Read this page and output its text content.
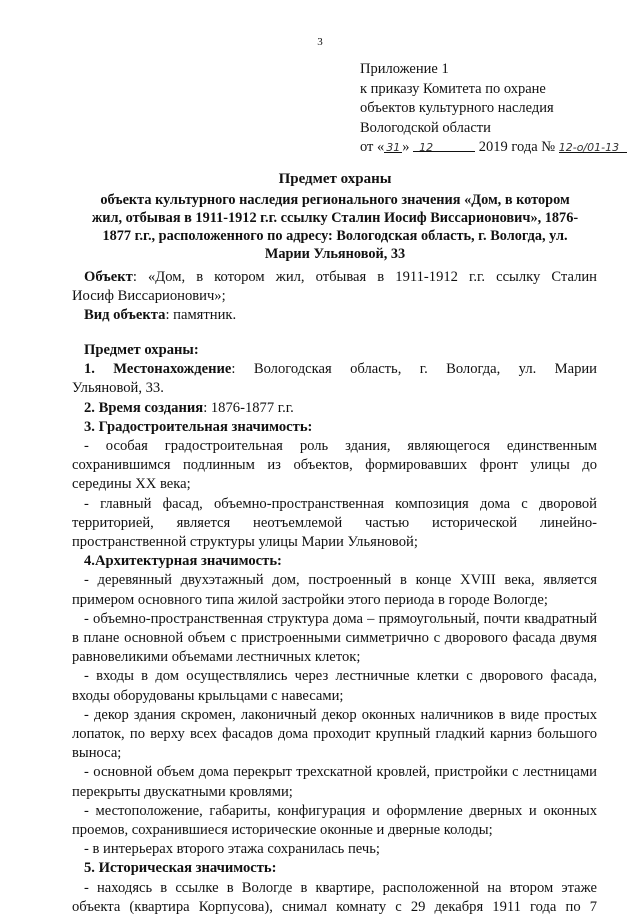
3
Приложение 1
к приказу Комитета по охране
объектов культурного наследия
Вологодской области
от « 31 » 12	2019 года № 12-о/01-13
Предмет охраны
объекта культурного наследия регионального значения «Дом, в котором
жил, отбывая в 1911-1912 г.г. ссылку Сталин Иосиф Виссарионович», 1876-
1877 г.г., расположенного по адресу: Вологодская область, г. Вологда, ул.
Марии Ульяновой, 33
Объект: «Дом, в котором жил, отбывая в 1911-1912 г.г. ссылку Сталин
Иосиф Виссарионович»;
Вид объекта: памятник.
Предмет охраны:
1. Местонахождение: Вологодская область, г. Вологда, ул. Марии
Ульяновой, 33.
2. Время создания: 1876-1877 г.г.
3. Градостроительная значимость:
- особая градостроительная роль здания, являющегося единственным сохранившимся подлинным из объектов, формировавших фронт улицы до середины XX века;
- главный фасад, объемно-пространственная композиция дома с дворовой территорией, является неотъемлемой частью исторической линейно-пространственной структуры улицы Марии Ульяновой;
4.Архитектурная значимость:
- деревянный двухэтажный дом, построенный в конце XVIII века, является примером основного типа жилой застройки этого периода в городе Вологде;
- объемно-пространственная структура дома – прямоугольный, почти квадратный в плане основной объем с пристроенными симметрично с дворового фасада двумя равновеликими объемами лестничных клеток;
- входы в дом осуществлялись через лестничные клетки с дворового фасада, входы оборудованы крыльцами с навесами;
- декор здания скромен, лаконичный декор оконных наличников в виде простых лопаток, по верху всех фасадов дома проходит крупный гладкий карниз большого выноса;
- основной объем дома перекрыт трехскатной кровлей, пристройки с лестницами перекрыты двускатными кровлями;
- местоположение, габариты, конфигурация и оформление дверных и оконных проемов, сохранившиеся исторические оконные и дверные колоды;
- в интерьерах второго этажа сохранилась печь;
5. Историческая значимость:
- находясь в ссылке в Вологде в квартире, расположенной на втором этаже объекта (квартира Корпусова), снимал комнату с 29 декабря 1911 года по 7
